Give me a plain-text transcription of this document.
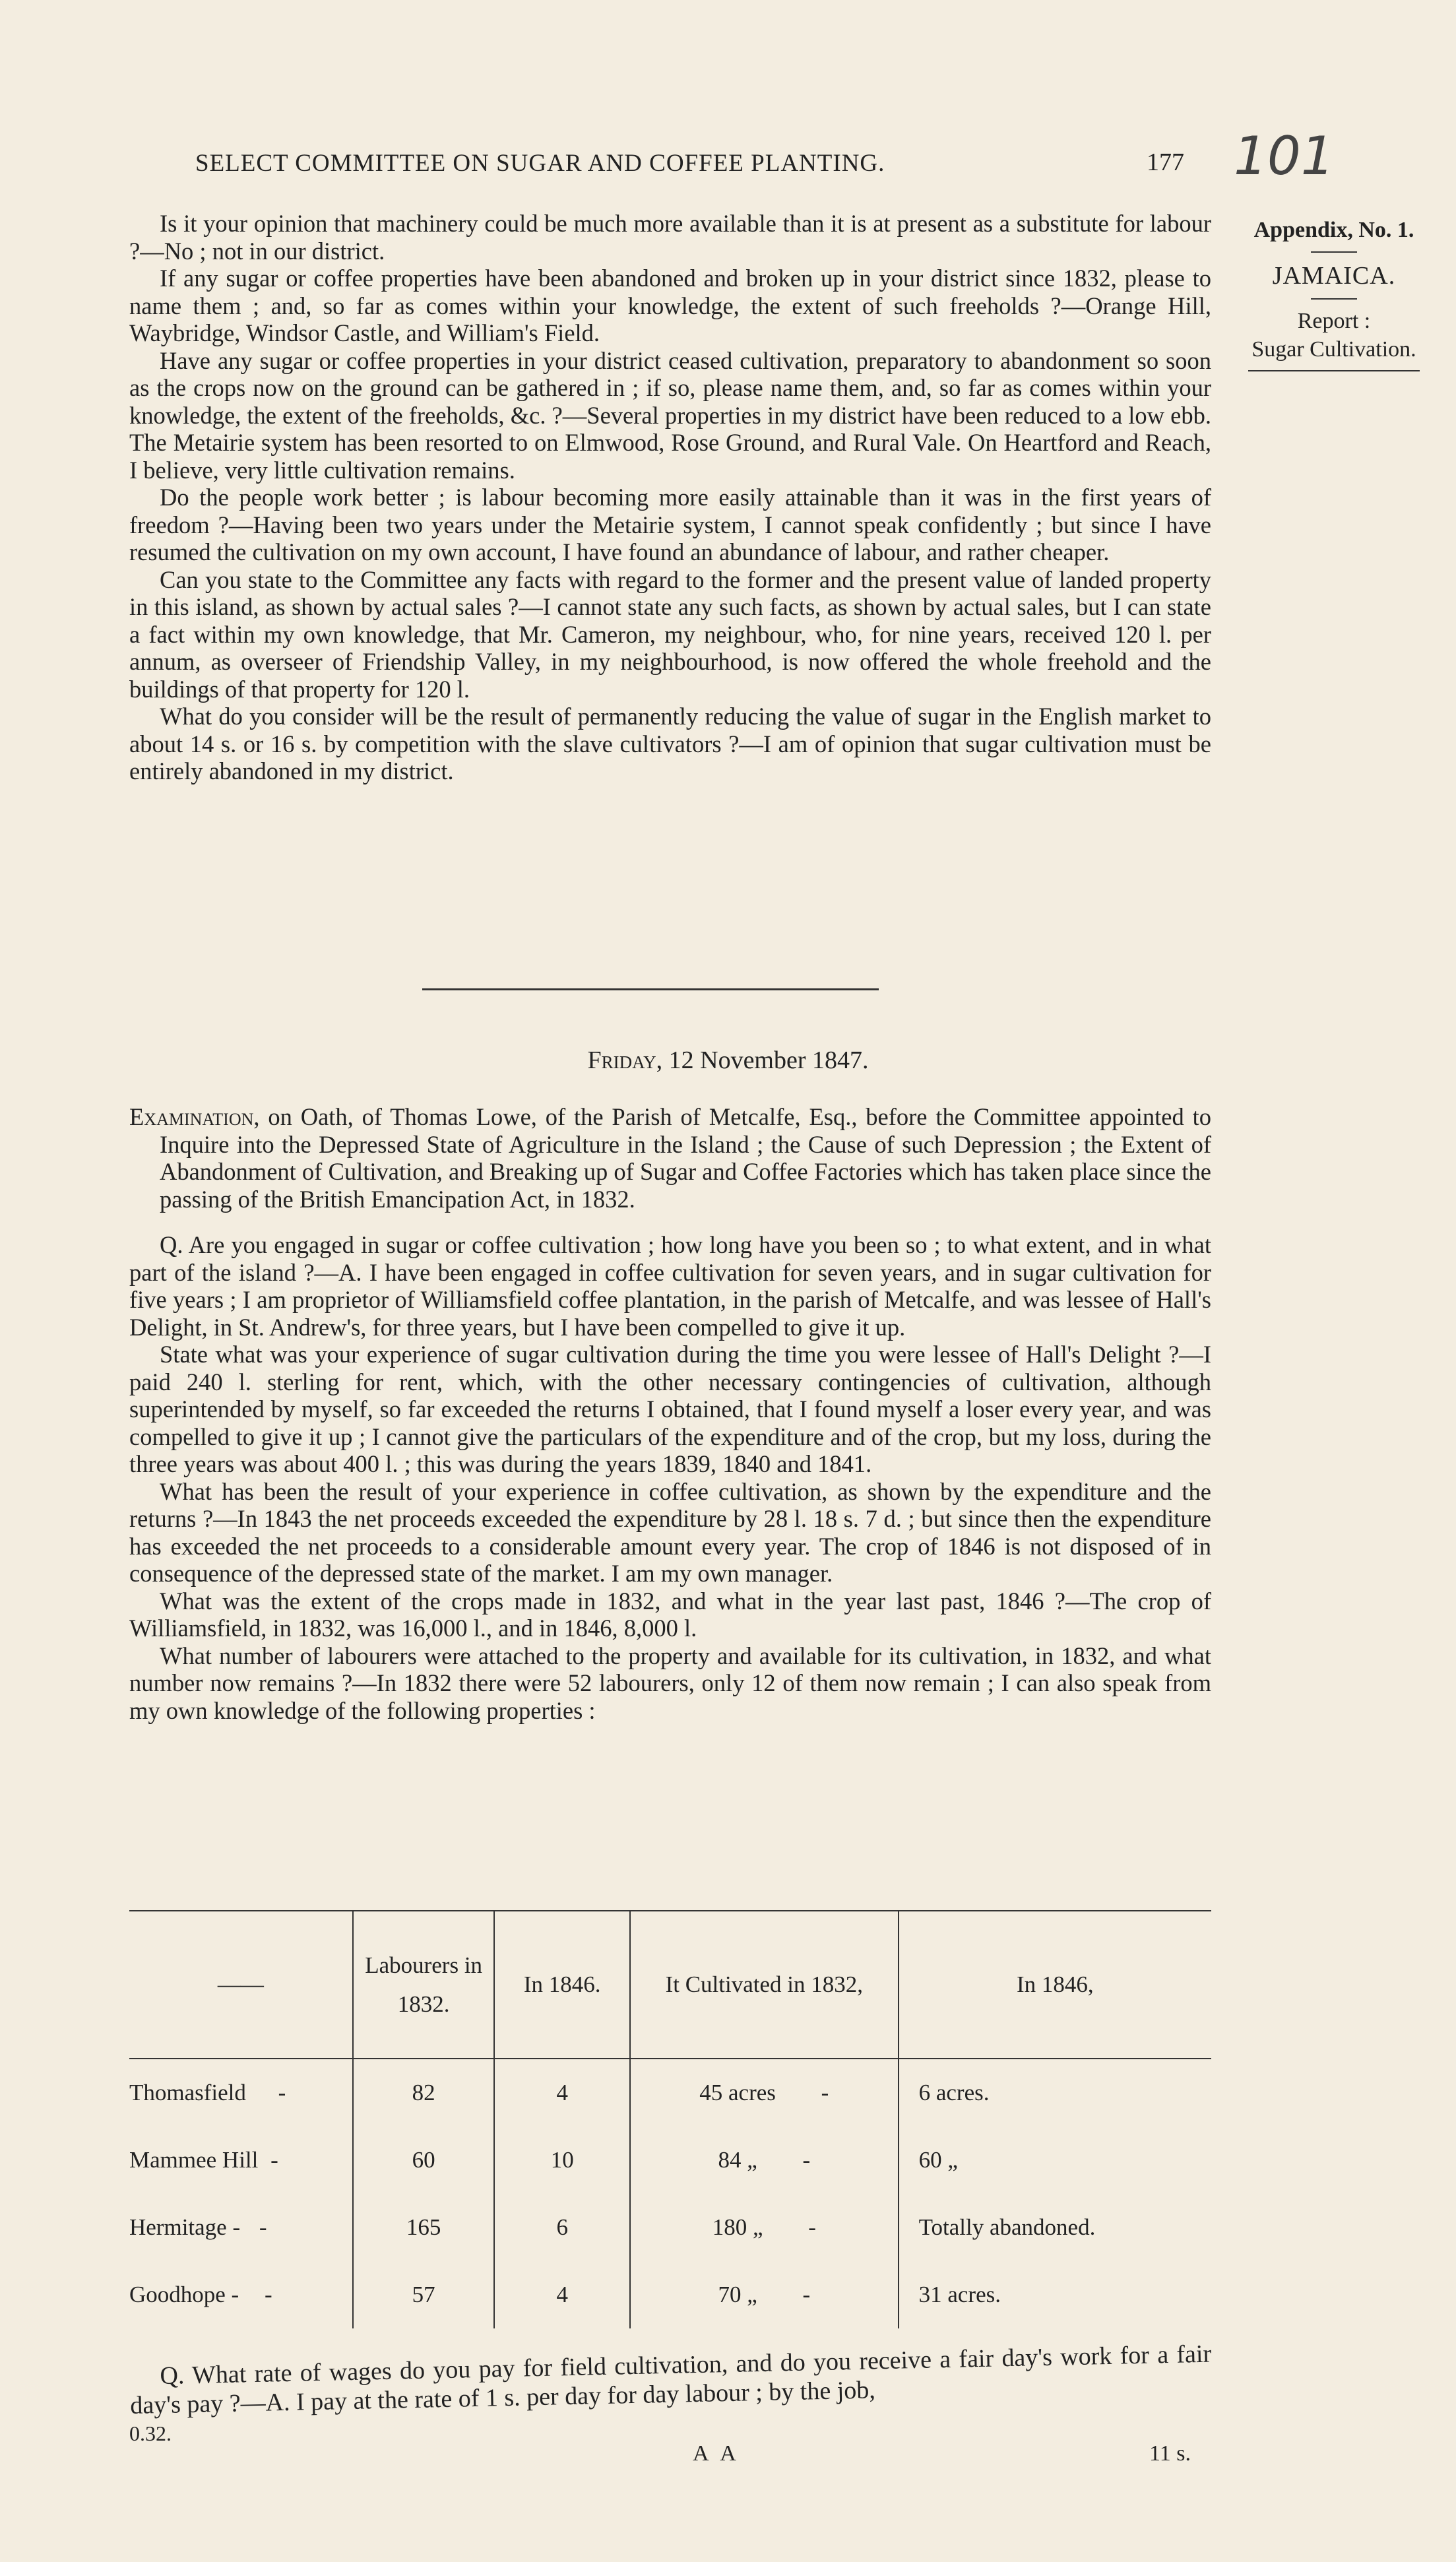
SELECT COMMITTEE ON SUGAR AND COFFEE PLANTING.	177 101
Appendix, No. 1.
JAMAICA.
Report :
Sugar Cultivation.

Is it your opinion that machinery could be much more available than it is at present as a substitute for labour ?—No ; not in our district.

If any sugar or coffee properties have been abandoned and broken up in your district since 1832, please to name them ; and, so far as comes within your knowledge, the extent of such freeholds ?—Orange Hill, Waybridge, Windsor Castle, and William's Field.

Have any sugar or coffee properties in your district ceased cultivation, preparatory to abandonment so soon as the crops now on the ground can be gathered in ; if so, please name them, and, so far as comes within your knowledge, the extent of the freeholds, &c. ?—Several properties in my district have been reduced to a low ebb. The Metairie system has been resorted to on Elmwood, Rose Ground, and Rural Vale. On Heartford and Reach, I believe, very little cultivation remains.

Do the people work better ; is labour becoming more easily attainable than it was in the first years of freedom ?—Having been two years under the Metairie system, I cannot speak confidently ; but since I have resumed the cultivation on my own account, I have found an abundance of labour, and rather cheaper.

Can you state to the Committee any facts with regard to the former and the present value of landed property in this island, as shown by actual sales ?—I cannot state any such facts, as shown by actual sales, but I can state a fact within my own knowledge, that Mr. Cameron, my neighbour, who, for nine years, received 120 l. per annum, as overseer of Friendship Valley, in my neighbourhood, is now offered the whole freehold and the buildings of that property for 120 l.

What do you consider will be the result of permanently reducing the value of sugar in the English market to about 14 s. or 16 s. by competition with the slave cultivators ?—I am of opinion that sugar cultivation must be entirely abandoned in my district.

Friday, 12 November 1847.

Examination, on Oath, of Thomas Lowe, of the Parish of Metcalfe, Esq., before the Committee appointed to Inquire into the Depressed State of Agriculture in the Island ; the Cause of such Depression ; the Extent of Abandonment of Cultivation, and Breaking up of Sugar and Coffee Factories which has taken place since the passing of the British Emancipation Act, in 1832.

Q. Are you engaged in sugar or coffee cultivation ; how long have you been so ; to what extent, and in what part of the island ?—A. I have been engaged in coffee cultivation for seven years, and in sugar cultivation for five years ; I am proprietor of Williamsfield coffee plantation, in the parish of Metcalfe, and was lessee of Hall's Delight, in St. Andrew's, for three years, but I have been compelled to give it up.

State what was your experience of sugar cultivation during the time you were lessee of Hall's Delight ?—I paid 240 l. sterling for rent, which, with the other necessary contingencies of cultivation, although superintended by myself, so far exceeded the returns I obtained, that I found myself a loser every year, and was compelled to give it up ; I cannot give the particulars of the expenditure and of the crop, but my loss, during the three years was about 400 l. ; this was during the years 1839, 1840 and 1841.

What has been the result of your experience in coffee cultivation, as shown by the expenditure and the returns ?—In 1843 the net proceeds exceeded the expenditure by 28 l. 18 s. 7 d. ; but since then the expenditure has exceeded the net proceeds to a considerable amount every year. The crop of 1846 is not disposed of in consequence of the depressed state of the market. I am my own manager.

What was the extent of the crops made in 1832, and what in the year last past, 1846 ?—The crop of Williamsfield, in 1832, was 16,000 l., and in 1846, 8,000 l.

What number of labourers were attached to the property and available for its cultivation, in 1832, and what number now remains ?—In 1832 there were 52 labourers, only 12 of them now remain ; I can also speak from my own knowledge of the following properties :

——	Labourers in 1832.	In 1846.	It Cultivated in 1832,	In 1846,
Thomasfield -	82	4	45 acres -	6 acres.
Mammee Hill -	60	10	84 „ -	60 „
Hermitage - -	165	6	180 „ -	Totally abandoned.
Goodhope - -	57	4	70 „ -	31 acres.

Q. What rate of wages do you pay for field cultivation, and do you receive a fair day's work for a fair day's pay ?—A. I pay at the rate of 1 s. per day for day labour ; by the job,

0.32.
A A	11 s.
